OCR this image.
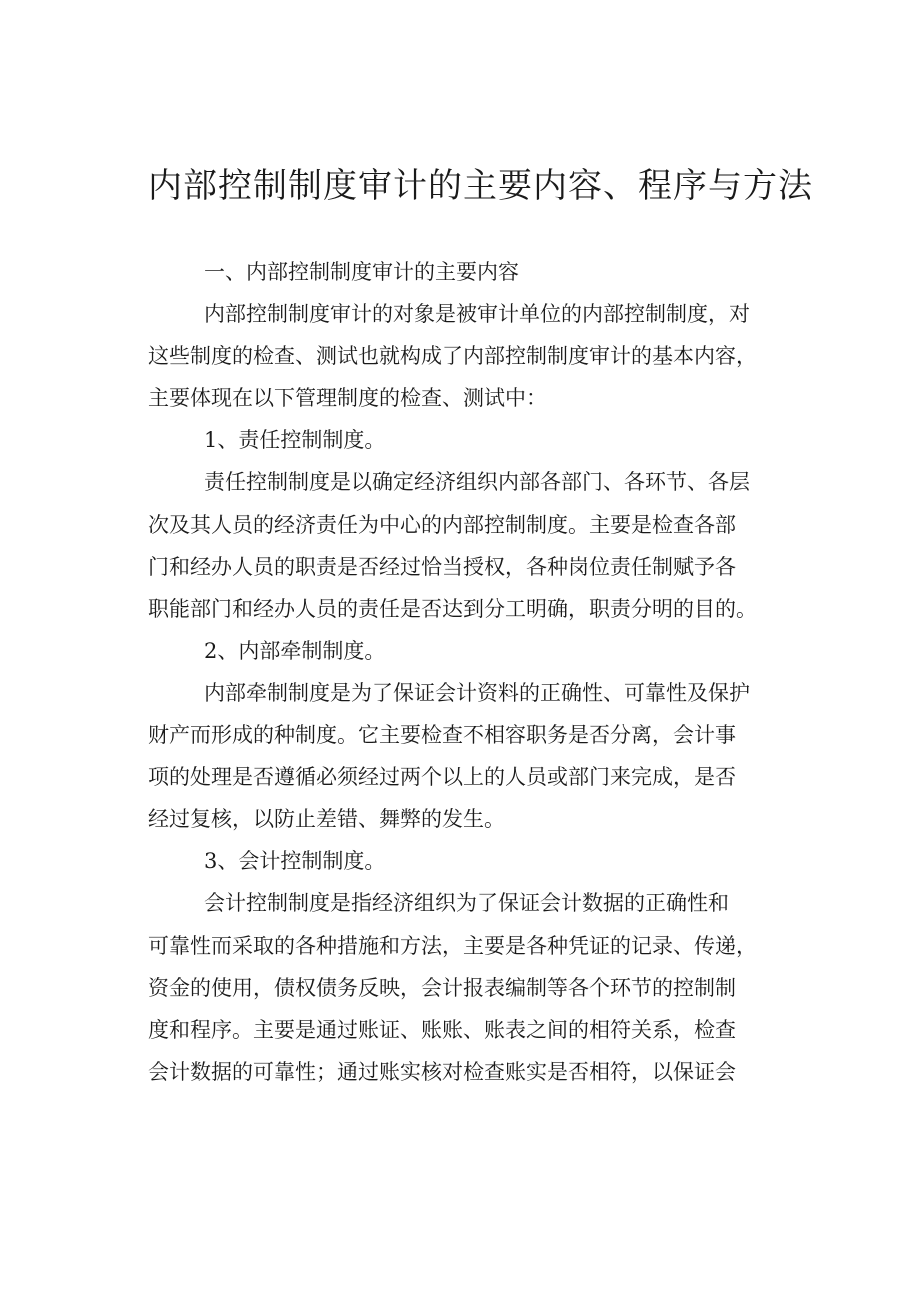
内部控制制度审计的主要内容、程序与方法
一、内部控制制度审计的主要内容
内部控制制度审计的对象是被审计单位的内部控制制度，对
这些制度的检查、测试也就构成了内部控制制度审计的基本内容，
主要体现在以下管理制度的检查、测试中：
1、责任控制制度。
责任控制制度是以确定经济组织内部各部门、各环节、各层
次及其人员的经济责任为中心的内部控制制度。主要是检查各部
门和经办人员的职责是否经过恰当授权，各种岗位责任制赋予各
职能部门和经办人员的责任是否达到分工明确，职责分明的目的。
2、内部牵制制度。
内部牵制制度是为了保证会计资料的正确性、可靠性及保护
财产而形成的种制度。它主要检查不相容职务是否分离，会计事
项的处理是否遵循必须经过两个以上的人员或部门来完成，是否
经过复核，以防止差错、舞弊的发生。
3、会计控制制度。
会计控制制度是指经济组织为了保证会计数据的正确性和
可靠性而采取的各种措施和方法，主要是各种凭证的记录、传递，
资金的使用，债权债务反映，会计报表编制等各个环节的控制制
度和程序。主要是通过账证、账账、账表之间的相符关系，检查
会计数据的可靠性；通过账实核对检查账实是否相符，以保证会
